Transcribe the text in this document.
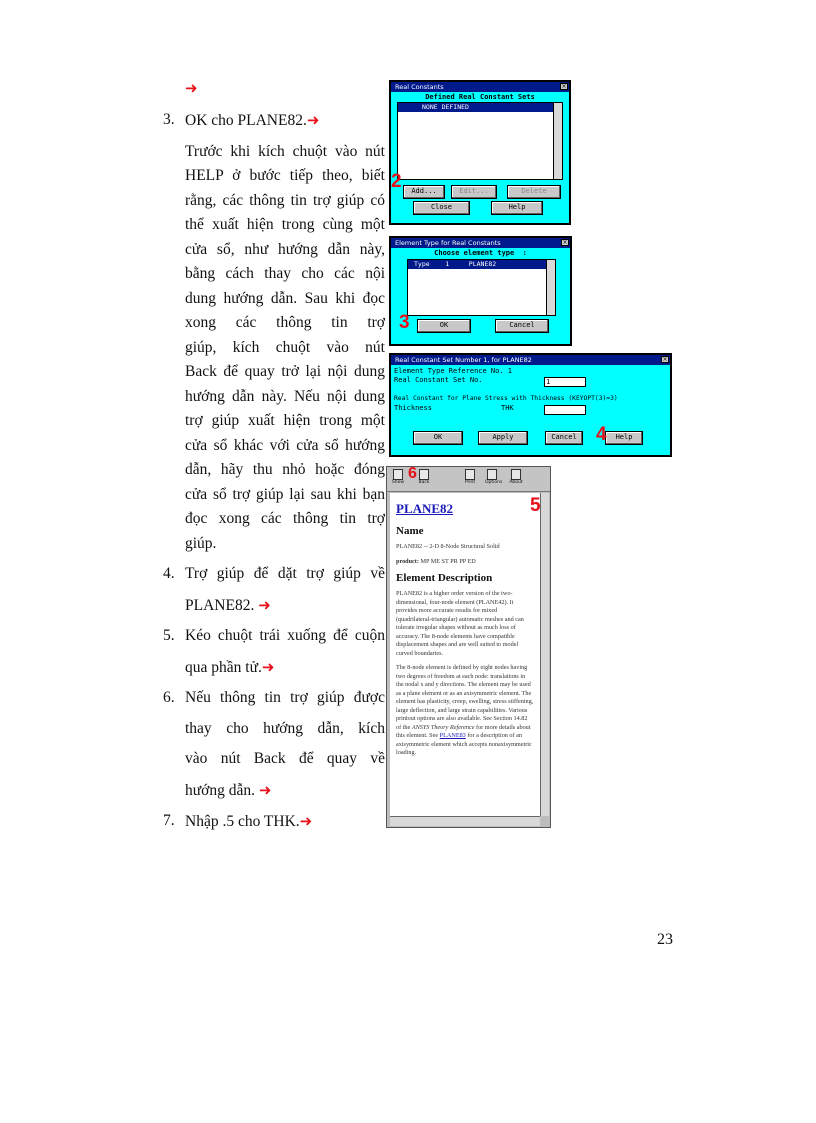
➜
3. OK cho PLANE82.➜
Trước khi kích chuột vào nút
HELP ở bước tiếp theo, biết
rằng, các thông tin trợ giúp có
thể xuất hiện trong cùng một
cửa sổ, như hướng dẫn này,
bằng cách thay cho các nội
dung hướng dẫn. Sau khi đọc
xong các thông tin trợ
giúp, kích chuột vào nút
Back để quay trở lại nội dung
hướng dẫn này. Nếu nội dung
trợ giúp xuất hiện trong một
cửa sổ khác với cửa sổ hướng
dẫn, hãy thu nhỏ hoặc đóng
cửa sổ trợ giúp lại sau khi bạn
đọc xong các thông tin trợ
giúp.
4. Trợ giúp để dặt trợ giúp về
PLANE82. ➜
5. Kéo chuột trái xuống để cuộn
qua phần tử.➜
6. Nếu thông tin trợ giúp được
thay cho hướng dẫn, kích
vào nút Back để quay về
hướng dẫn. ➜
7. Nhập .5 cho THK.➜
Real Constants	×
Defined Real Constant Sets
NONE DEFINED
Add...	Edit...	Delete
Close	Help
2
Element Type for Real Constants	×
Choose element type  :
Type    1     PLANE82
OK	Cancel
3
Real Constant Set Number 1, for PLANE82	×
Element Type Reference No. 1
Real Constant Set No.	1
Real Constant for Plane Stress with Thickness (KEYOPT(3)=3)
Thickness	THK
OK	Apply	Cancel	Help
4
Show	Back	Print	Options About
PLANE82
Name

PLANE82 -- 2-D 8-Node Structural Solid

product: MP ME ST PR PP ED

Element Description

PLANE82 is a higher order version of the two-dimensional, four-node element (PLANE42). It provides more accurate results for mixed (quadrilateral-triangular) automatic meshes and can tolerate irregular shapes without as much loss of accuracy. The 8-node elements have compatible displacement shapes and are well suited to model curved boundaries.

The 8-node element is defined by eight nodes having two degrees of freedom at each node: translations in the nodal x and y directions. The element may be used as a plane element or as an axisymmetric element. The element has plasticity, creep, swelling, stress stiffening, large deflection, and large strain capabilities. Various printout options are also available. See Section 14.82 of the ANSYS Theory Reference for more details about this element. See PLANE83 for a description of an axisymmetric element which accepts nonaxisymmetric loading.

5
6
23
